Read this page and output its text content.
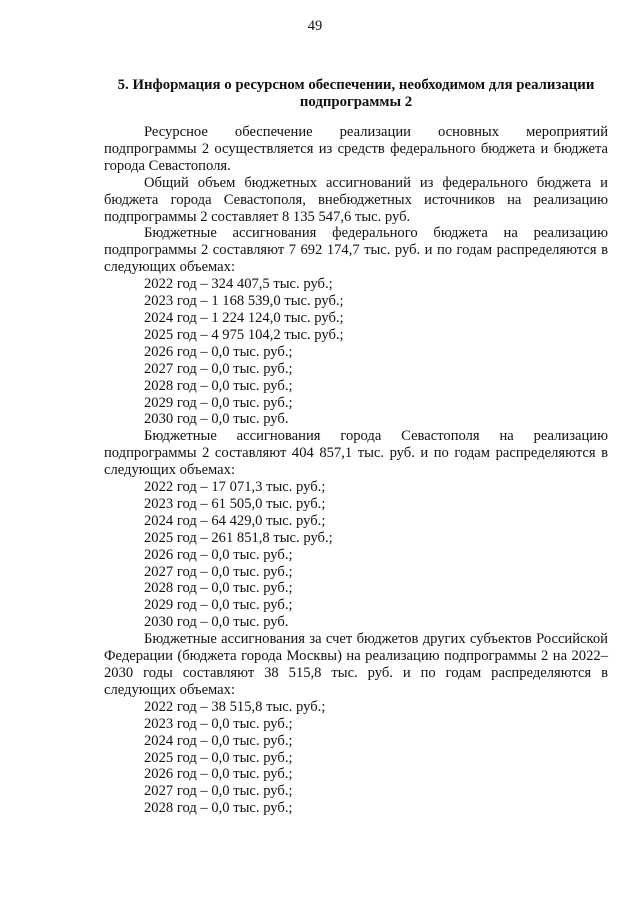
49
5. Информация о ресурсном обеспечении, необходимом для реализации
подпрограммы 2

Ресурсное обеспечение реализации основных мероприятий подпрограммы 2 осуществляется из средств федерального бюджета и бюджета города Севастополя.

Общий объем бюджетных ассигнований из федерального бюджета и бюджета города Севастополя, внебюджетных источников на реализацию подпрограммы 2 составляет 8 135 547,6 тыс. руб.

Бюджетные ассигнования федерального бюджета на реализацию подпрограммы 2 составляют 7 692 174,7 тыс. руб. и по годам распределяются в следующих объемах:

2022 год – 324 407,5 тыс. руб.;

2023 год – 1 168 539,0 тыс. руб.;

2024 год – 1 224 124,0 тыс. руб.;

2025 год – 4 975 104,2 тыс. руб.;

2026 год – 0,0 тыс. руб.;

2027 год – 0,0 тыс. руб.;

2028 год – 0,0 тыс. руб.;

2029 год – 0,0 тыс. руб.;

2030 год – 0,0 тыс. руб.

Бюджетные ассигнования города Севастополя на реализацию подпрограммы 2 составляют 404 857,1 тыс. руб. и по годам распределяются в следующих объемах:

2022 год – 17 071,3 тыс. руб.;

2023 год – 61 505,0 тыс. руб.;

2024 год – 64 429,0 тыс. руб.;

2025 год – 261 851,8 тыс. руб.;

2026 год – 0,0 тыс. руб.;

2027 год – 0,0 тыс. руб.;

2028 год – 0,0 тыс. руб.;

2029 год – 0,0 тыс. руб.;

2030 год – 0,0 тыс. руб.

Бюджетные ассигнования за счет бюджетов других субъектов Российской Федерации (бюджета города Москвы) на реализацию подпрограммы 2 на 2022–2030 годы составляют 38 515,8 тыс. руб. и по годам распределяются в следующих объемах:

2022 год – 38 515,8 тыс. руб.;

2023 год – 0,0 тыс. руб.;

2024 год – 0,0 тыс. руб.;

2025 год – 0,0 тыс. руб.;

2026 год – 0,0 тыс. руб.;

2027 год – 0,0 тыс. руб.;

2028 год – 0,0 тыс. руб.;
